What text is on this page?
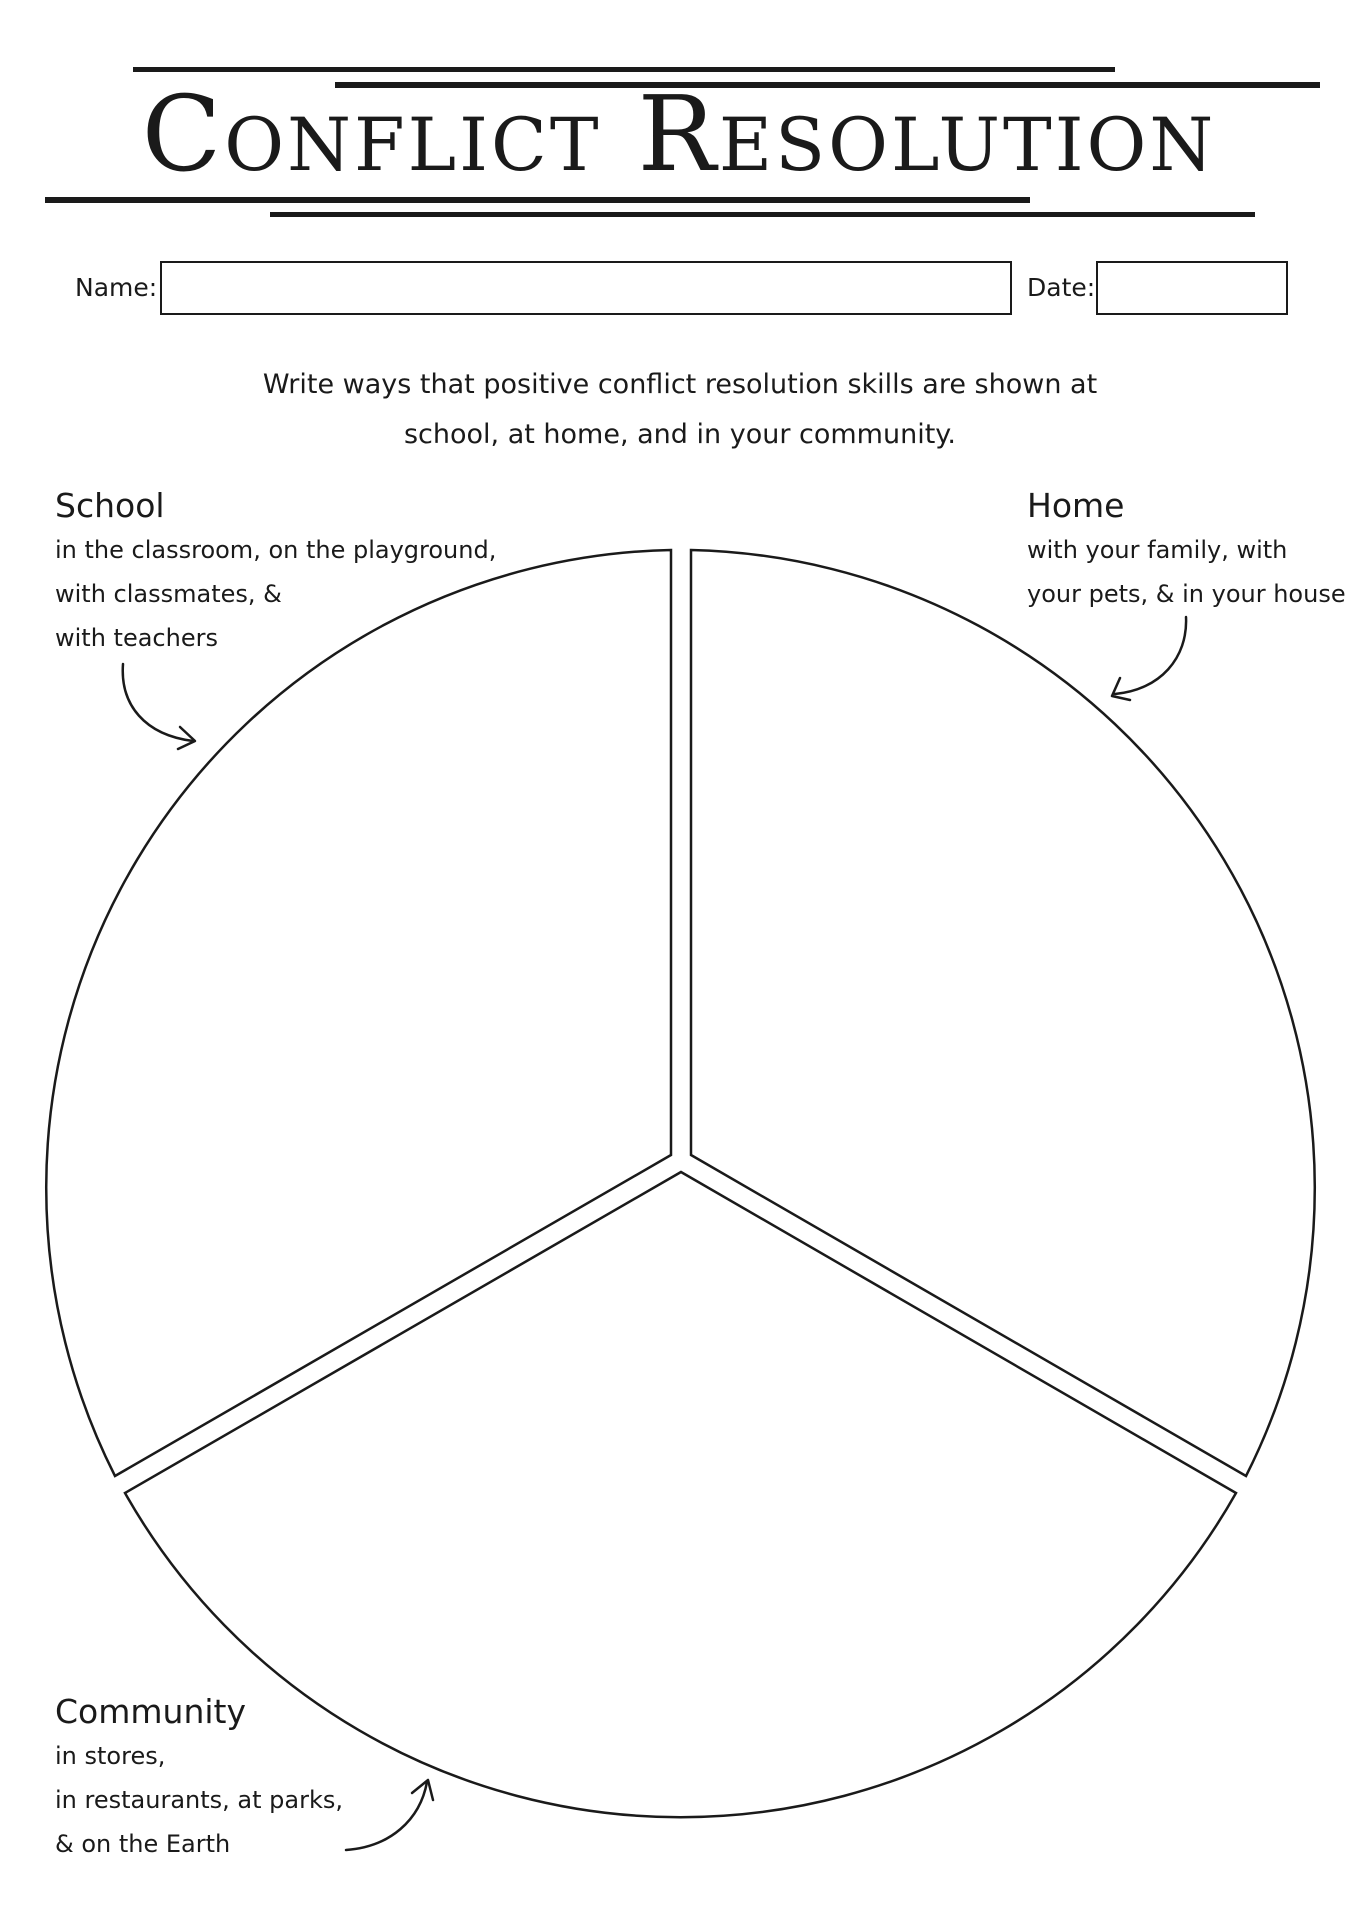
Conflict Resolution
Name:	Date:
Write ways that positive conflict resolution skills are shown at
school, at home, and in your community.
School
in the classroom, on the playground,
with classmates, &
with teachers
Home
with your family, with
your pets, & in your house
Community
in stores,
in restaurants, at parks,
& on the Earth
